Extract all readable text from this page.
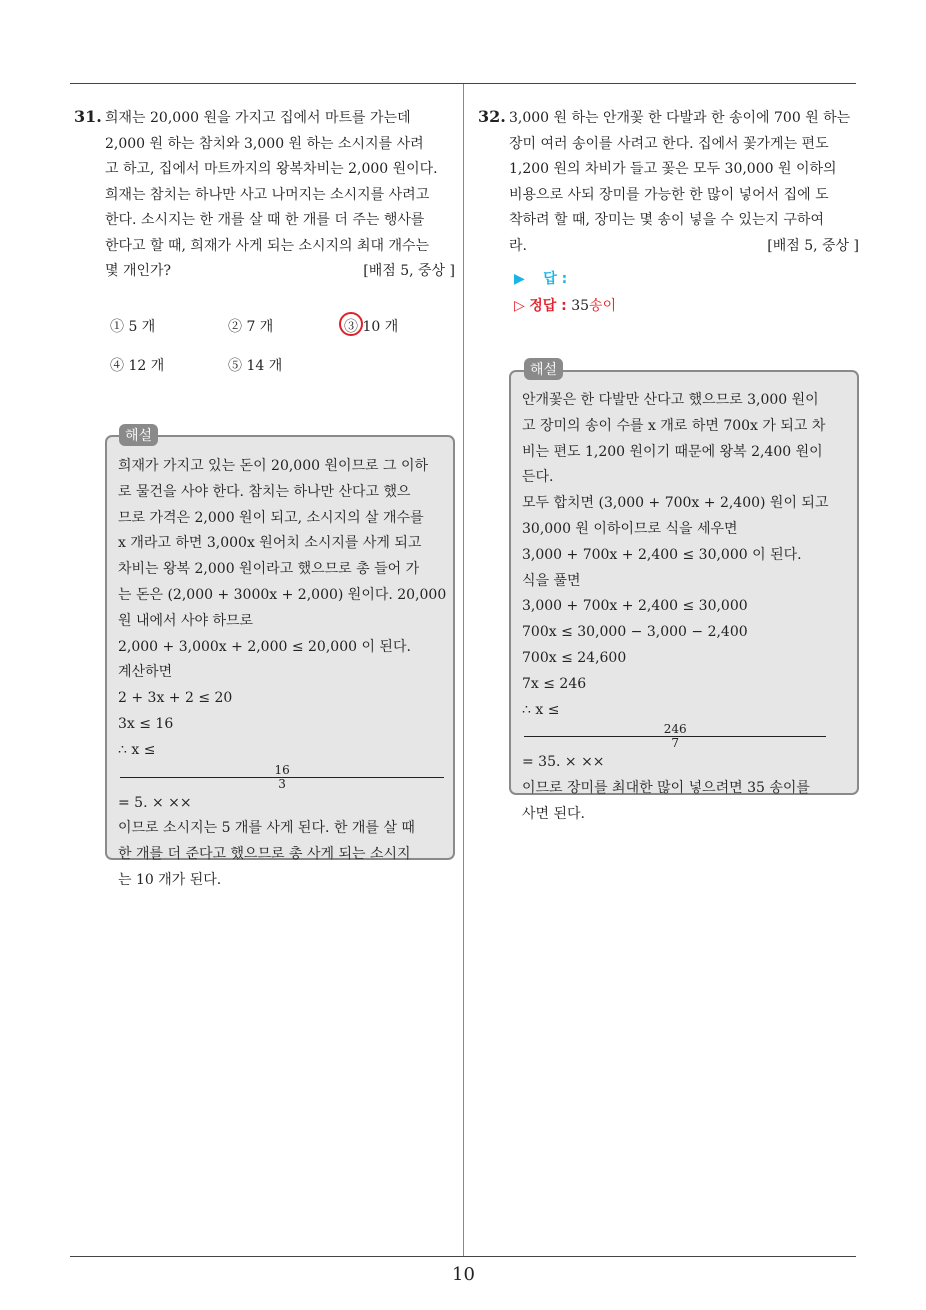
10
31. 희재는 20,000 원을 가지고 집에서 마트를 가는데
2,000 원 하는 참치와 3,000 원 하는 소시지를 사려
고 하고, 집에서 마트까지의 왕복차비는 2,000 원이다.
희재는 참치는 하나만 사고 나머지는 소시지를 사려고
한다. 소시지는 한 개를 살 때 한 개를 더 주는 행사를
한다고 할 때, 희재가 사게 되는 소시지의 최대 개수는
몇 개인가?	[배점 5, 중상 ]
① 5 개	② 7 개	③ 10 개
④ 12 개	⑤ 14 개
해설
희재가 가지고 있는 돈이 20,000 원이므로 그 이하
로 물건을 사야 한다. 참치는 하나만 산다고 했으
므로 가격은 2,000 원이 되고, 소시지의 살 개수를
x 개라고 하면 3,000x 원어치 소시지를 사게 되고
차비는 왕복 2,000 원이라고 했으므로 총 들어 가
는 돈은 (2,000 + 3000x + 2,000) 원이다. 20,000
원 내에서 사야 하므로
2,000 + 3,000x + 2,000 ≤ 20,000 이 된다.
계산하면
2 + 3x + 2 ≤ 20
3x ≤ 16
∴ x ≤
16
3
= 5. × ××
이므로 소시지는 5 개를 사게 된다. 한 개를 살 때
한 개를 더 준다고 했으므로 총 사게 되는 소시지
는 10 개가 된다.
32. 3,000 원 하는 안개꽃 한 다발과 한 송이에 700 원 하는
장미 여러 송이를 사려고 한다. 집에서 꽃가게는 편도
1,200 원의 차비가 들고 꽃은 모두 30,000 원 이하의
비용으로 사되 장미를 가능한 한 많이 넣어서 집에 도
착하려 할 때, 장미는 몇 송이 넣을 수 있는지 구하여
라.	[배점 5, 중상 ]
▶ 답 :
▷ 정답 : 35송이
해설
안개꽃은 한 다발만 산다고 했으므로 3,000 원이
고 장미의 송이 수를 x 개로 하면 700x 가 되고 차
비는 편도 1,200 원이기 때문에 왕복 2,400 원이
든다.
모두 합치면 (3,000 + 700x + 2,400) 원이 되고
30,000 원 이하이므로 식을 세우면
3,000 + 700x + 2,400 ≤ 30,000 이 된다.
식을 풀면
3,000 + 700x + 2,400 ≤ 30,000
700x ≤ 30,000 − 3,000 − 2,400
700x ≤ 24,600
7x ≤ 246
∴ x ≤
246
7
= 35. × ××
이므로 장미를 최대한 많이 넣으려면 35 송이를
사면 된다.
